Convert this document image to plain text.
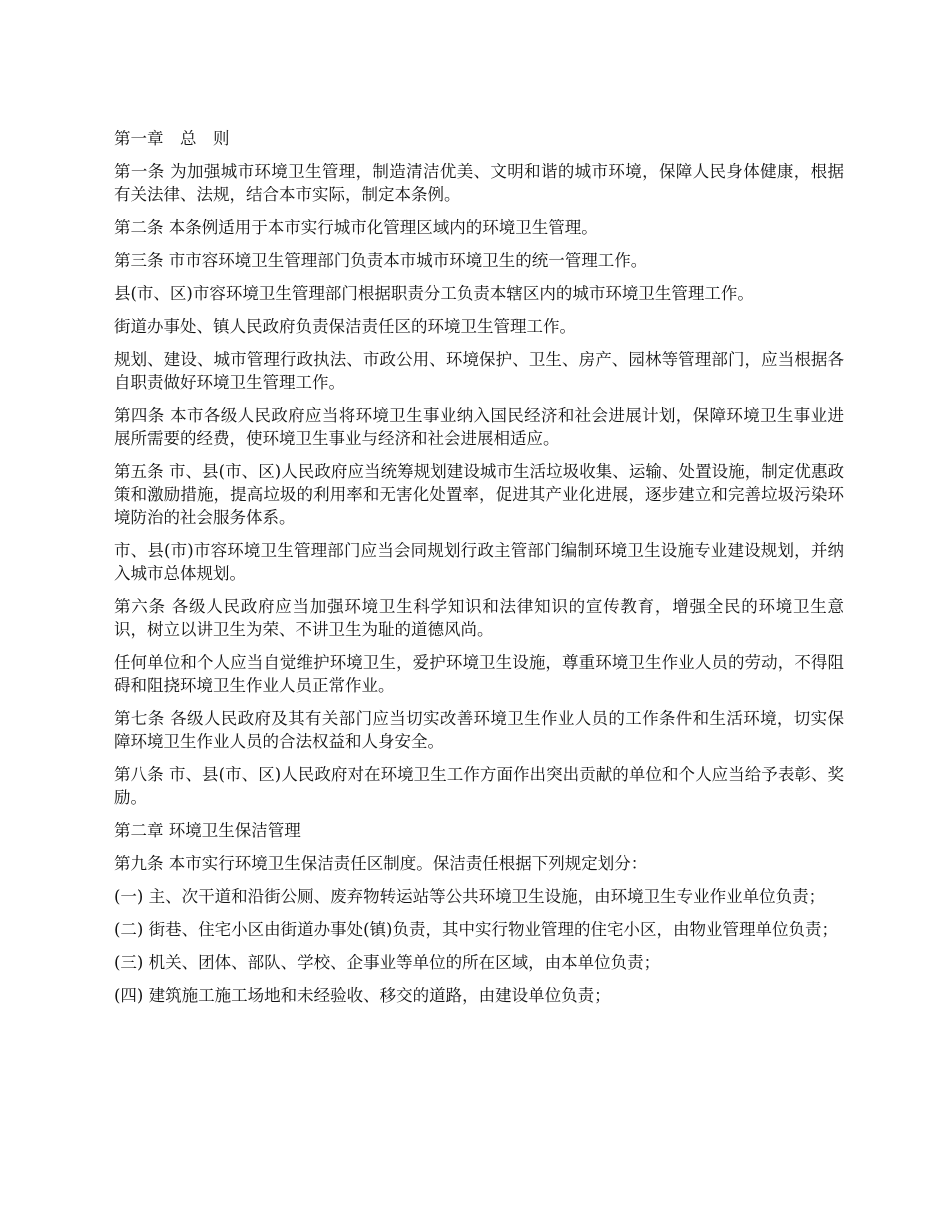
第一章　总　则

第一条 为加强城市环境卫生管理，制造清洁优美、文明和谐的城市环境，保障人民身体健康，根据有关法律、法规，结合本市实际，制定本条例。

第二条 本条例适用于本市实行城市化管理区域内的环境卫生管理。

第三条 市市容环境卫生管理部门负责本市城市环境卫生的统一管理工作。

县(市、区)市容环境卫生管理部门根据职责分工负责本辖区内的城市环境卫生管理工作。

街道办事处、镇人民政府负责保洁责任区的环境卫生管理工作。

规划、建设、城市管理行政执法、市政公用、环境保护、卫生、房产、园林等管理部门，应当根据各自职责做好环境卫生管理工作。

第四条 本市各级人民政府应当将环境卫生事业纳入国民经济和社会进展计划，保障环境卫生事业进展所需要的经费，使环境卫生事业与经济和社会进展相适应。

第五条 市、县(市、区)人民政府应当统筹规划建设城市生活垃圾收集、运输、处置设施，制定优惠政策和激励措施，提高垃圾的利用率和无害化处置率，促进其产业化进展，逐步建立和完善垃圾污染环境防治的社会服务体系。

市、县(市)市容环境卫生管理部门应当会同规划行政主管部门编制环境卫生设施专业建设规划，并纳入城市总体规划。

第六条 各级人民政府应当加强环境卫生科学知识和法律知识的宣传教育，增强全民的环境卫生意识，树立以讲卫生为荣、不讲卫生为耻的道德风尚。

任何单位和个人应当自觉维护环境卫生，爱护环境卫生设施，尊重环境卫生作业人员的劳动，不得阻碍和阻挠环境卫生作业人员正常作业。

第七条 各级人民政府及其有关部门应当切实改善环境卫生作业人员的工作条件和生活环境，切实保障环境卫生作业人员的合法权益和人身安全。

第八条 市、县(市、区)人民政府对在环境卫生工作方面作出突出贡献的单位和个人应当给予表彰、奖励。

第二章 环境卫生保洁管理

第九条 本市实行环境卫生保洁责任区制度。保洁责任根据下列规定划分：

(一) 主、次干道和沿街公厕、废弃物转运站等公共环境卫生设施，由环境卫生专业作业单位负责；

(二) 街巷、住宅小区由街道办事处(镇)负责，其中实行物业管理的住宅小区，由物业管理单位负责；

(三) 机关、团体、部队、学校、企事业等单位的所在区域，由本单位负责；

(四) 建筑施工施工场地和未经验收、移交的道路，由建设单位负责；
